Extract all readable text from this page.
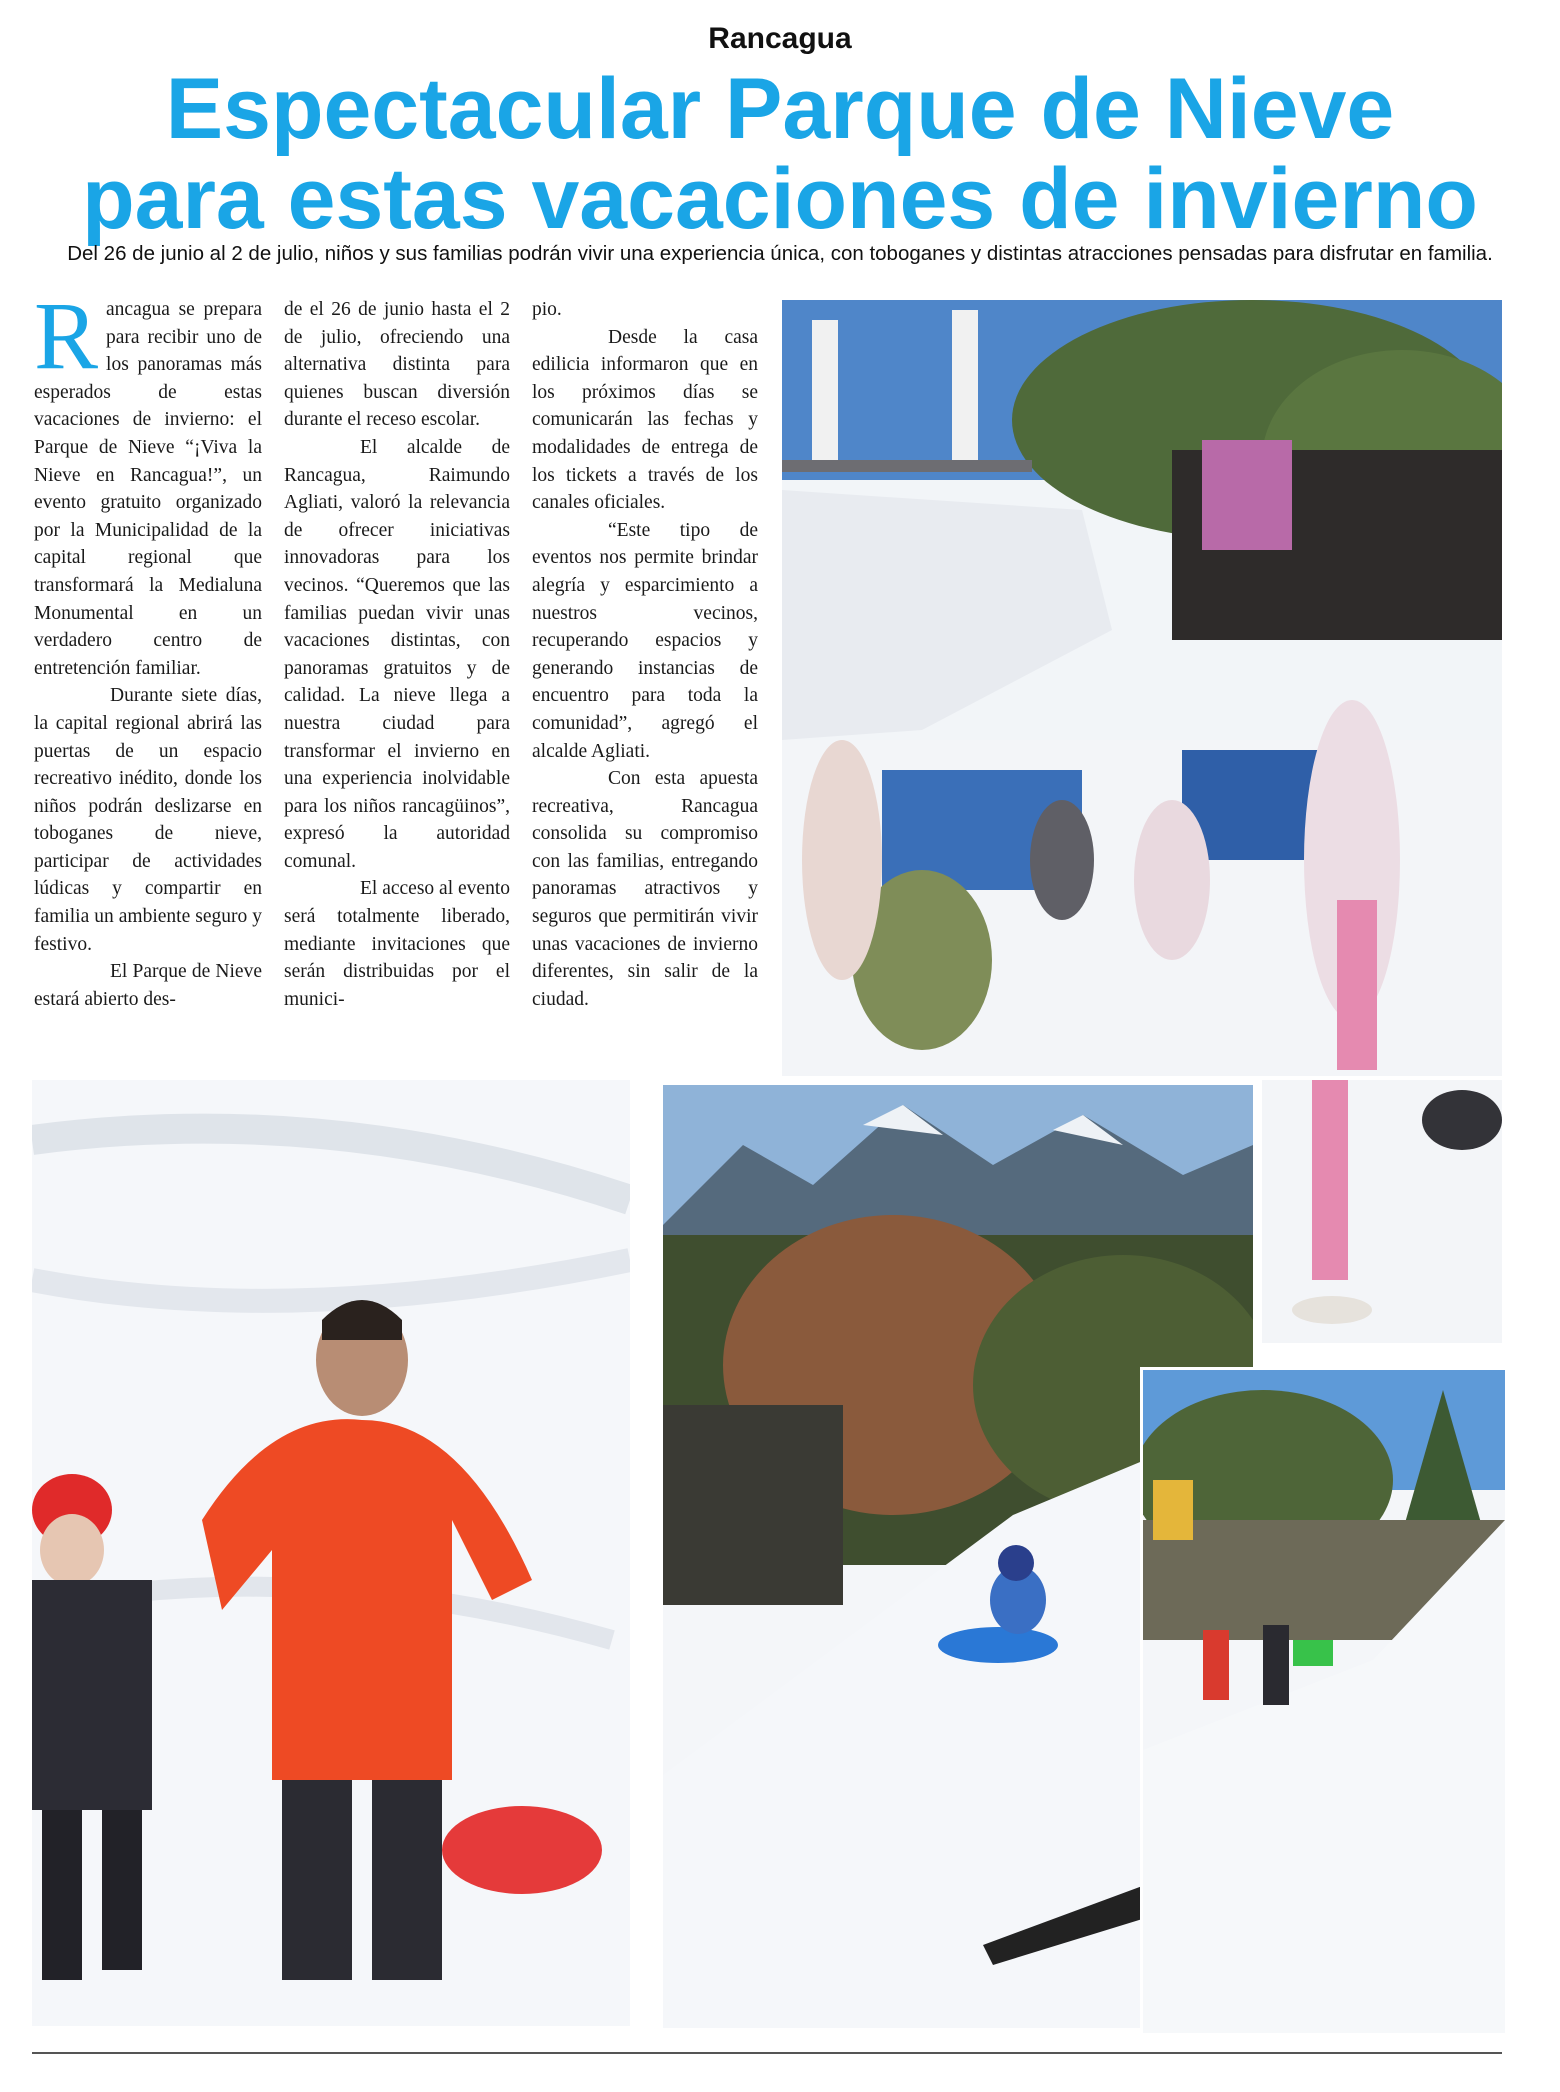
Rancagua
Espectacular Parque de Nieve
para estas vacaciones de invierno
Del 26 de junio al 2 de julio, niños y sus familias podrán vivir una experiencia única, con toboganes y distintas atracciones pensadas para disfrutar en familia.

Rancagua se prepara para recibir uno de los panoramas más esperados de estas vacaciones de invierno: el Parque de Nieve “¡Viva la Nieve en Rancagua!”, un evento gratuito organizado por la Municipalidad de la capital regional que transformará la Medialuna Monumental en un verdadero centro de entretención familiar.

Durante siete días, la capital regional abrirá las puertas de un espacio recreativo inédito, donde los niños podrán deslizarse en toboganes de nieve, participar de actividades lúdicas y compartir en familia un ambiente seguro y festivo.

El Parque de Nieve estará abierto des-

de el 26 de junio hasta el 2 de julio, ofreciendo una alternativa distinta para quienes buscan diversión durante el receso escolar.

El alcalde de Rancagua, Raimundo Agliati, valoró la relevancia de ofrecer iniciativas innovadoras para los vecinos. “Queremos que las familias puedan vivir unas vacaciones distintas, con panoramas gratuitos y de calidad. La nieve llega a nuestra ciudad para transformar el invierno en una experiencia inolvidable para los niños rancagüinos”, expresó la autoridad comunal.

El acceso al evento será totalmente liberado, mediante invitaciones que serán distribuidas por el munici-

pio.

Desde la casa edilicia informaron que en los próximos días se comunicarán las fechas y modalidades de entrega de los tickets a través de los canales oficiales.

“Este tipo de eventos nos permite brindar alegría y esparcimiento a nuestros vecinos, recuperando espacios y generando instancias de encuentro para toda la comunidad”, agregó el alcalde Agliati.

Con esta apuesta recreativa, Rancagua consolida su compromiso con las familias, entregando panoramas atractivos y seguros que permitirán vivir unas vacaciones de invierno diferentes, sin salir de la ciudad.
